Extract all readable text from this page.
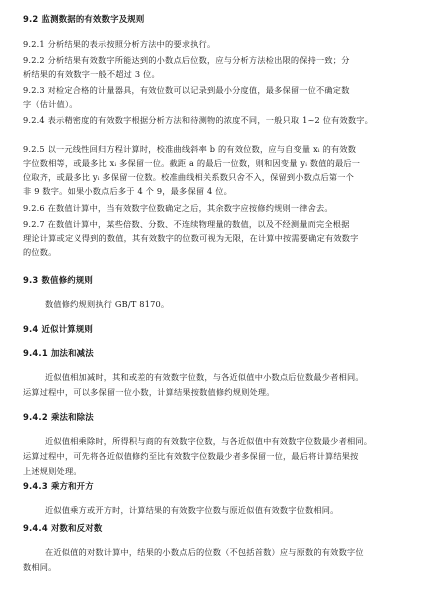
9.2 监测数据的有效数字及规则
9.2.1 分析结果的表示按照分析方法中的要求执行。
9.2.2 分析结果有效数字所能达到的小数点后位数，应与分析方法检出限的保持一致；分
析结果的有效数字一般不超过 3 位。
9.2.3 对检定合格的计量器具，有效位数可以记录到最小分度值，最多保留一位不确定数
字（估计值）。
9.2.4 表示精密度的有效数字根据分析方法和待测物的浓度不同，一般只取 1~2 位有效数字。
9.2.5 以一元线性回归方程计算时，校准曲线斜率 b 的有效位数，应与自变量 xᵢ 的有效数
字位数相等，或最多比 xᵢ 多保留一位。截距 a 的最后一位数，则和因变量 yᵢ 数值的最后一
位取齐，或最多比 yᵢ 多保留一位数。校准曲线相关系数只舍不入，保留到小数点后第一个
非 9 数字。如果小数点后多于 4 个 9，最多保留 4 位。
9.2.6 在数值计算中，当有效数字位数确定之后，其余数字应按修约规则一律舍去。
9.2.7 在数值计算中，某些倍数、分数、不连续物理量的数值，以及不经测量而完全根据
理论计算或定义得到的数值，其有效数字的位数可视为无限，在计算中按需要确定有效数字
的位数。
9.3 数值修约规则
数值修约规则执行 GB/T 8170。
9.4 近似计算规则
9.4.1 加法和减法
近似值相加减时，其和或差的有效数字位数，与各近似值中小数点后位数最少者相同。
运算过程中，可以多保留一位小数，计算结果按数值修约规则处理。
9.4.2 乘法和除法
近似值相乘除时，所得积与商的有效数字位数，与各近似值中有效数字位数最少者相同。
运算过程中，可先将各近似值修约至比有效数字位数最少者多保留一位，最后将计算结果按
上述规则处理。
9.4.3 乘方和开方
近似值乘方或开方时，计算结果的有效数字位数与原近似值有效数字位数相同。
9.4.4 对数和反对数
在近似值的对数计算中，结果的小数点后的位数（不包括首数）应与原数的有效数字位
数相同。
